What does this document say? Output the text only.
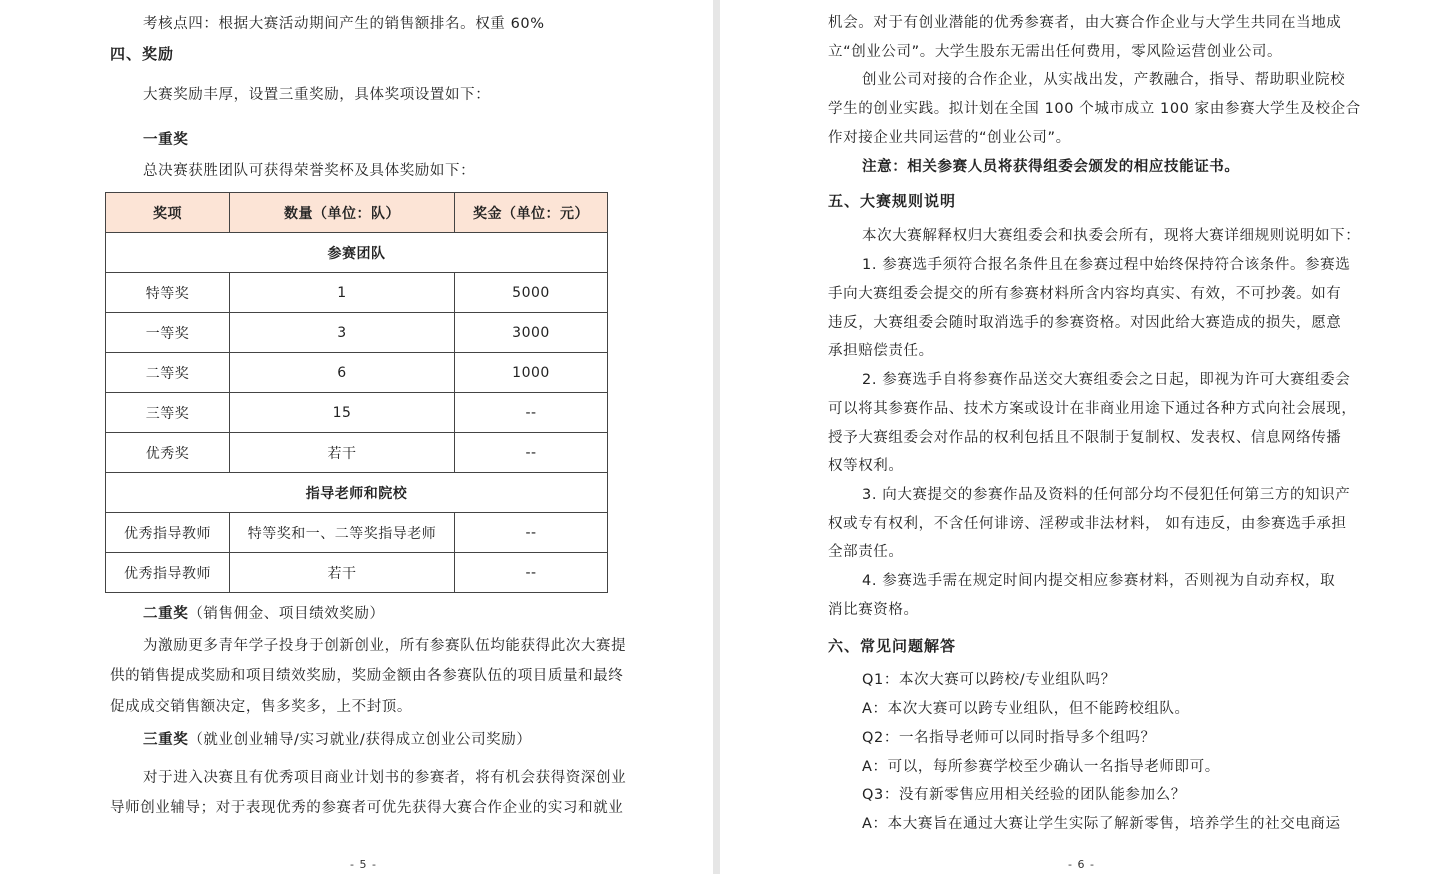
考核点四：根据大赛活动期间产生的销售额排名。权重 60%
四、奖励
大赛奖励丰厚，设置三重奖励，具体奖项设置如下：
一重奖
总决赛获胜团队可获得荣誉奖杯及具体奖励如下：
奖项	数量（单位：队）	奖金（单位：元）
参赛团队		
特等奖	1	5000
一等奖	3	3000
二等奖	6	1000
三等奖	15	--
优秀奖	若干	--
指导老师和院校		
优秀指导教师	特等奖和一、二等奖指导老师	--
优秀指导教师	若干	--
二重奖（销售佣金、项目绩效奖励）
为激励更多青年学子投身于创新创业，所有参赛队伍均能获得此次大赛提
供的销售提成奖励和项目绩效奖励，奖励金额由各参赛队伍的项目质量和最终
促成成交销售额决定，售多奖多，上不封顶。
三重奖（就业创业辅导/实习就业/获得成立创业公司奖励）
对于进入决赛且有优秀项目商业计划书的参赛者，将有机会获得资深创业
导师创业辅导；对于表现优秀的参赛者可优先获得大赛合作企业的实习和就业
- 5 -
机会。对于有创业潜能的优秀参赛者，由大赛合作企业与大学生共同在当地成
立“创业公司”。大学生股东无需出任何费用，零风险运营创业公司。
创业公司对接的合作企业，从实战出发，产教融合，指导、帮助职业院校
学生的创业实践。拟计划在全国 100 个城市成立 100 家由参赛大学生及校企合
作对接企业共同运营的“创业公司”。
注意：相关参赛人员将获得组委会颁发的相应技能证书。
五、大赛规则说明
本次大赛解释权归大赛组委会和执委会所有，现将大赛详细规则说明如下：
1. 参赛选手须符合报名条件且在参赛过程中始终保持符合该条件。参赛选
手向大赛组委会提交的所有参赛材料所含内容均真实、有效，不可抄袭。如有
违反，大赛组委会随时取消选手的参赛资格。对因此给大赛造成的损失，愿意
承担赔偿责任。
2. 参赛选手自将参赛作品送交大赛组委会之日起，即视为许可大赛组委会
可以将其参赛作品、技术方案或设计在非商业用途下通过各种方式向社会展现，
授予大赛组委会对作品的权利包括且不限制于复制权、发表权、信息网络传播
权等权利。
3. 向大赛提交的参赛作品及资料的任何部分均不侵犯任何第三方的知识产
权或专有权利，不含任何诽谤、淫秽或非法材料， 如有违反，由参赛选手承担
全部责任。
4. 参赛选手需在规定时间内提交相应参赛材料，否则视为自动弃权，取
消比赛资格。
六、常见问题解答
Q1：本次大赛可以跨校/专业组队吗？
A：本次大赛可以跨专业组队，但不能跨校组队。
Q2：一名指导老师可以同时指导多个组吗？
A：可以，每所参赛学校至少确认一名指导老师即可。
Q3：没有新零售应用相关经验的团队能参加么？
A：本大赛旨在通过大赛让学生实际了解新零售，培养学生的社交电商运
- 6 -
